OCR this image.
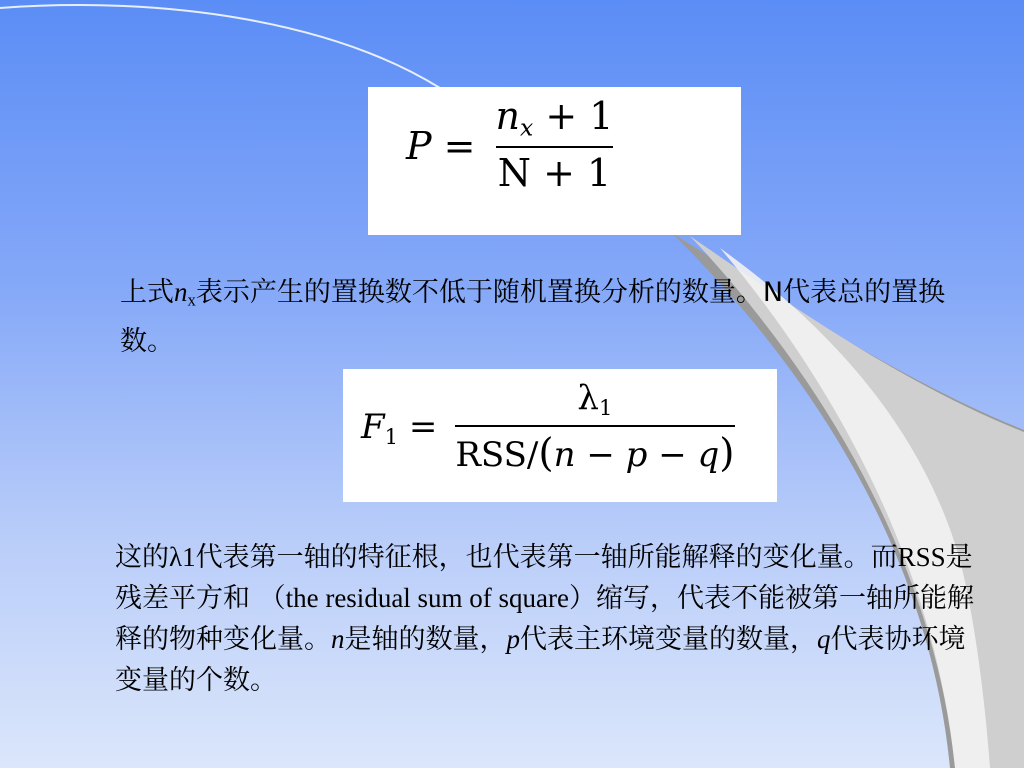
$P = \frac{n_x + 1}{N + 1}$
上式$n_x$表示产生的置换数不低于随机置换分析的数量。N代表总的置换数。
$F_1 = \frac{\lambda_1}{\text{RSS/(n − p − q)}}$
这的λ1代表第一轴的特征根，也代表第一轴所能解释的变化量。而RSS是残差平方和 （the residual sum of square）缩写，代表不能被第一轴所能解释的物种变化量。n是轴的数量，p代表主环境变量的数量，q代表协环境变量的个数。
